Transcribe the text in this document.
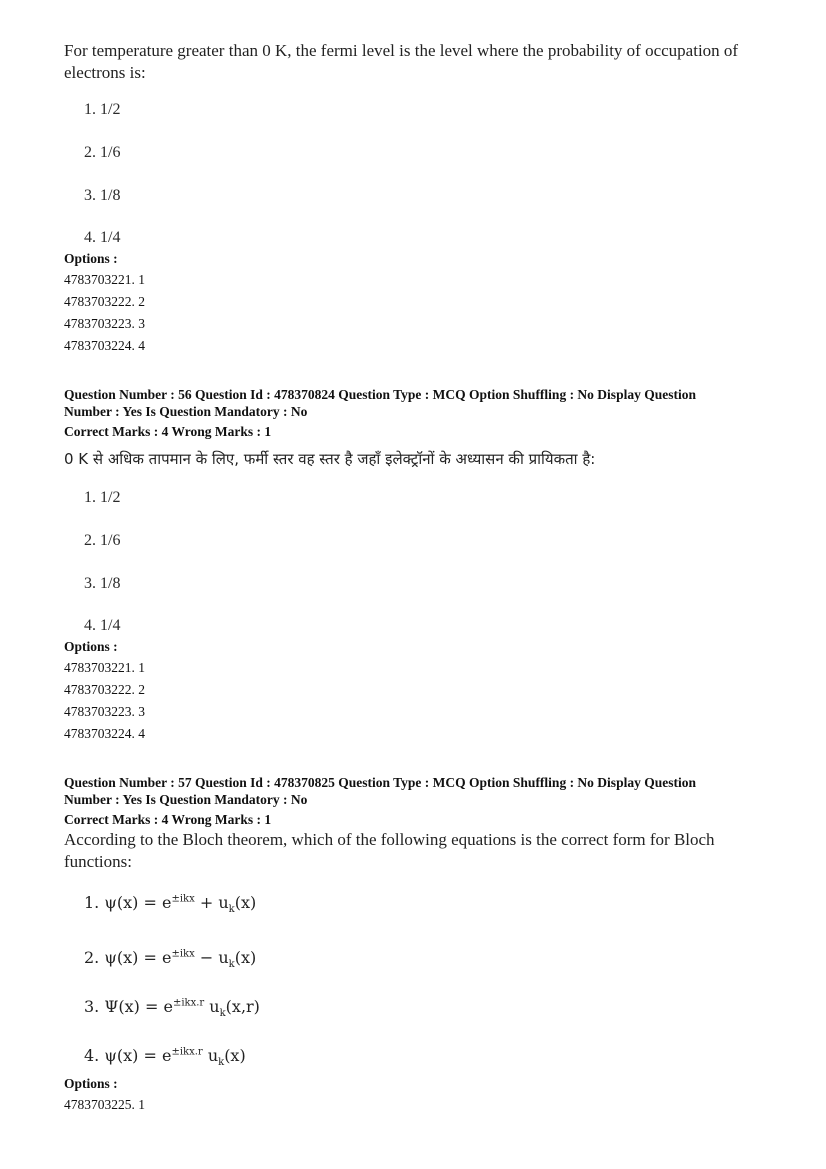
For temperature greater than 0 K, the fermi level is the level where the probability of occupation of electrons is:
1. 1/2
2. 1/6
3. 1/8
4. 1/4
Options :
4783703221. 1
4783703222. 2
4783703223. 3
4783703224. 4
Question Number : 56 Question Id : 478370824 Question Type : MCQ Option Shuffling : No Display Question
Number : Yes Is Question Mandatory : No
Correct Marks : 4 Wrong Marks : 1
0 K से अधिक तापमान के लिए, फर्मी स्तर वह स्तर है जहाँ इलेक्ट्रॉनों के अध्यासन की प्रायिकता है:
1. 1/2
2. 1/6
3. 1/8
4. 1/4
Options :
4783703221. 1
4783703222. 2
4783703223. 3
4783703224. 4
Question Number : 57 Question Id : 478370825 Question Type : MCQ Option Shuffling : No Display Question
Number : Yes Is Question Mandatory : No
Correct Marks : 4 Wrong Marks : 1
According to the Bloch theorem, which of the following equations is the correct form for Bloch functions:
1. $\psi(x) = e^{\pm ikx} + u_k(x)$
2. $\psi(x) = e^{\pm ikx} - u_k(x)$
3. $\Psi(x) = e^{\pm ikx.r}$ $u_k(x,r)$
4. $\psi(x) = e^{\pm ikx.r}$ $u_k(x)$
Options :
4783703225. 1
